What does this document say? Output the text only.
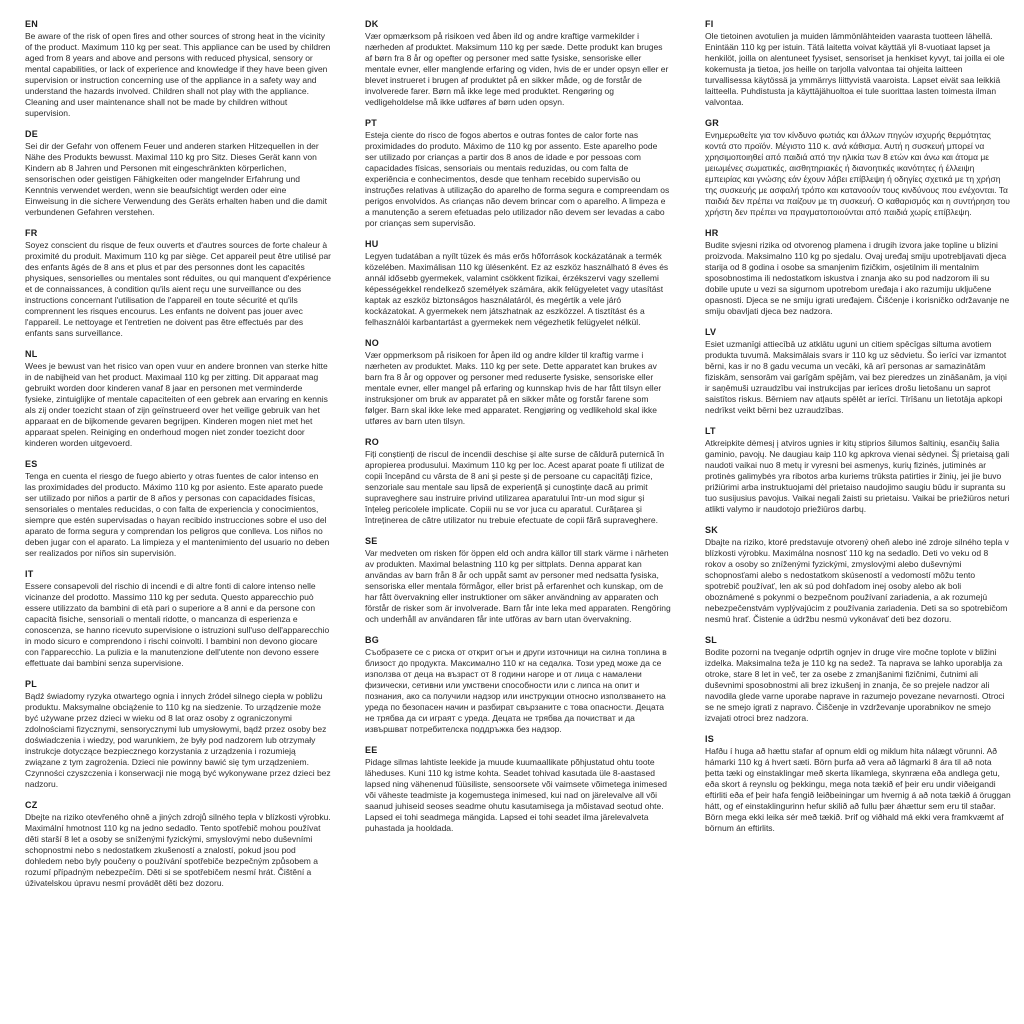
EN

Be aware of the risk of open fires and other sources of strong heat in the vicinity of the product. Maximum 110 kg per seat. This appliance can be used by children aged from 8 years and above and persons with reduced physical, sensory or mental capabilities, or lack of experience and knowledge if they have been given supervision or instruction concerning use of the appliance in a safety way and understand the hazards involved. Children shall not play with the appliance. Cleaning and user maintenance shall not be made by children without supervision.

DE

Sei dir der Gefahr von offenem Feuer und anderen starken Hitzequellen in der Nähe des Produkts bewusst. Maximal 110 kg pro Sitz. Dieses Gerät kann von Kindern ab 8 Jahren und Personen mit eingeschränkten körperlichen, sensorischen oder geistigen Fähigkeiten oder mangelnder Erfahrung und Kenntnis verwendet werden, wenn sie beaufsichtigt werden oder eine Einweisung in die sichere Verwendung des Geräts erhalten haben und die damit verbundenen Gefahren verstehen.

FR

Soyez conscient du risque de feux ouverts et d'autres sources de forte chaleur à proximité du produit. Maximum 110 kg par siège. Cet appareil peut être utilisé par des enfants âgés de 8 ans et plus et par des personnes dont les capacités physiques, sensorielles ou mentales sont réduites, ou qui manquent d'expérience et de connaissances, à condition qu'ils aient reçu une surveillance ou des instructions concernant l'utilisation de l'appareil en toute sécurité et qu'ils comprennent les risques encourus. Les enfants ne doivent pas jouer avec l'appareil. Le nettoyage et l'entretien ne doivent pas être effectués par des enfants sans surveillance.

NL

Wees je bewust van het risico van open vuur en andere bronnen van sterke hitte in de nabijheid van het product. Maximaal 110 kg per zitting. Dit apparaat mag gebruikt worden door kinderen vanaf 8 jaar en personen met verminderde fysieke, zintuiglijke of mentale capaciteiten of een gebrek aan ervaring en kennis als zij onder toezicht staan of zijn geïnstrueerd over het veilige gebruik van het apparaat en de bijkomende gevaren begrijpen. Kinderen mogen niet met het apparaat spelen. Reiniging en onderhoud mogen niet zonder toezicht door kinderen worden uitgevoerd.

ES

Tenga en cuenta el riesgo de fuego abierto y otras fuentes de calor intenso en las proximidades del producto. Máximo 110 kg por asiento. Este aparato puede ser utilizado por niños a partir de 8 años y personas con capacidades físicas, sensoriales o mentales reducidas, o con falta de experiencia y conocimientos, siempre que estén supervisadas o hayan recibido instrucciones sobre el uso del aparato de forma segura y comprendan los peligros que conlleva. Los niños no deben jugar con el aparato. La limpieza y el mantenimiento del usuario no deben ser realizados por niños sin supervisión.

IT

Essere consapevoli del rischio di incendi e di altre fonti di calore intenso nelle vicinanze del prodotto. Massimo 110 kg per seduta. Questo apparecchio può essere utilizzato da bambini di età pari o superiore a 8 anni e da persone con capacità fisiche, sensoriali o mentali ridotte, o mancanza di esperienza e conoscenza, se hanno ricevuto supervisione o istruzioni sull'uso dell'apparecchio in modo sicuro e comprendono i rischi coinvolti. I bambini non devono giocare con l'apparecchio. La pulizia e la manutenzione dell'utente non devono essere effettuate dai bambini senza supervisione.

PL

Bądź świadomy ryzyka otwartego ognia i innych źródeł silnego ciepła w pobliżu produktu. Maksymalne obciążenie to 110 kg na siedzenie. To urządzenie może być używane przez dzieci w wieku od 8 lat oraz osoby z ograniczonymi zdolnościami fizycznymi, sensorycznymi lub umysłowymi, bądź przez osoby bez doświadczenia i wiedzy, pod warunkiem, że były pod nadzorem lub otrzymały instrukcje dotyczące bezpiecznego korzystania z urządzenia i rozumieją związane z tym zagrożenia. Dzieci nie powinny bawić się tym urządzeniem. Czynności czyszczenia i konserwacji nie mogą być wykonywane przez dzieci bez nadzoru.

CZ

Dbejte na riziko otevřeného ohně a jiných zdrojů silného tepla v blízkosti výrobku. Maximální hmotnost 110 kg na jedno sedadlo. Tento spotřebič mohou používat děti starší 8 let a osoby se sníženými fyzickými, smyslovými nebo duševními schopnostmi nebo s nedostatkem zkušeností a znalostí, pokud jsou pod dohledem nebo byly poučeny o používání spotřebiče bezpečným způsobem a rozumí případným nebezpečím. Děti si se spotřebičem nesmí hrát. Čištění a úživatelskou úpravu nesmí provádět děti bez dozoru.

DK

Vær opmærksom på risikoen ved åben ild og andre kraftige varmekilder i nærheden af produktet. Maksimum 110 kg per sæde. Dette produkt kan bruges af børn fra 8 år og opefter og personer med satte fysiske, sensoriske eller mentale evner, eller manglende erfaring og viden, hvis de er under opsyn eller er blevet instrueret i brugen af produktet på en sikker måde, og de forstår de involverede farer. Børn må ikke lege med produktet. Rengøring og vedligeholdelse må ikke udføres af børn uden opsyn.

PT

Esteja ciente do risco de fogos abertos e outras fontes de calor forte nas proximidades do produto. Máximo de 110 kg por assento. Este aparelho pode ser utilizado por crianças a partir dos 8 anos de idade e por pessoas com capacidades físicas, sensoriais ou mentais reduzidas, ou com falta de experiência e conhecimentos, desde que tenham recebido supervisão ou instruções relativas à utilização do aparelho de forma segura e compreendam os perigos envolvidos. As crianças não devem brincar com o aparelho. A limpeza e a manutenção a serem efetuadas pelo utilizador não devem ser levadas a cabo por crianças sem supervisão.

HU

Legyen tudatában a nyílt tüzek és más erős hőforrások kockázatának a termék közelében. Maximálisan 110 kg ülésenként. Ez az eszköz használható 8 éves és annál idősebb gyermekek, valamint csökkent fizikai, érzékszervi vagy szellemi képességekkel rendelkező személyek számára, akik felügyeletet vagy utasítást kaptak az eszköz biztonságos használatáról, és megértik a vele járó kockázatokat. A gyermekek nem játszhatnak az eszközzel. A tisztítást és a felhasználói karbantartást a gyermekek nem végezhetik felügyelet nélkül.

NO

Vær oppmerksom på risikoen for åpen ild og andre kilder til kraftig varme i nærheten av produktet. Maks. 110 kg per sete. Dette apparatet kan brukes av barn fra 8 år og oppover og personer med reduserte fysiske, sensoriske eller mentale evner, eller mangel på erfaring og kunnskap hvis de har fått tilsyn eller instruksjoner om bruk av apparatet på en sikker måte og forstår farene som følger. Barn skal ikke leke med apparatet. Rengjøring og vedlikehold skal ikke utføres av barn uten tilsyn.

RO

Fiți conștienți de riscul de incendii deschise și alte surse de căldură puternică în apropierea produsului. Maximum 110 kg per loc. Acest aparat poate fi utilizat de copii începând cu vârsta de 8 ani și peste și de persoane cu capacități fizice, senzoriale sau mentale sau lipsă de experiență și cunoștințe dacă au primit supraveghere sau instruire privind utilizarea aparatului într-un mod sigur și înțeleg pericolele implicate. Copiii nu se vor juca cu aparatul. Curățarea și întreținerea de către utilizator nu trebuie efectuate de copii fără supraveghere.

SE

Var medveten om risken för öppen eld och andra källor till stark värme i närheten av produkten. Maximal belastning 110 kg per sittplats. Denna apparat kan användas av barn från 8 år och uppåt samt av personer med nedsatta fysiska, sensoriska eller mentala förmågor, eller brist på erfarenhet och kunskap, om de har fått övervakning eller instruktioner om säker användning av apparaten och förstår de risker som är involverade. Barn får inte leka med apparaten. Rengöring och underhåll av användaren får inte utföras av barn utan övervakning.

BG

Съобразете се с риска от открит огън и други източници на силна топлина в близост до продукта. Максимално 110 кг на седалка. Този уред може да се използва от деца на възраст от 8 години нагоре и от лица с намалени физически, сетивни или умствени способности или с липса на опит и познания, ако са получили надзор или инструкции относно използването на уреда по безопасен начин и разбират свързаните с това опасности. Децата не трябва да си играят с уреда. Децата не трябва да почистват и да извършват потребителска поддръжка без надзор.

EE

Pidage silmas lahtiste leekide ja muude kuumaallikate põhjustatud ohtu toote läheduses. Kuni 110 kg istme kohta. Seadet tohivad kasutada üle 8-aastased lapsed ning vähenenud füüsiliste, sensoorsete või vaimsete võimetega inimesed või väheste teadmiste ja kogemustega inimesed, kui nad on järelevalve all või saanud juhiseid seoses seadme ohutu kasutamisega ja mõistavad seotud ohte. Lapsed ei tohi seadmega mängida. Lapsed ei tohi seadet ilma järelevalveta puhastada ja hooldada.

FI

Ole tietoinen avotulien ja muiden lämmönlähteiden vaarasta tuotteen lähellä. Enintään 110 kg per istuin. Tätä laitetta voivat käyttää yli 8-vuotiaat lapset ja henkilöt, joilla on alentuneet fyysiset, sensoriset ja henkiset kyvyt, tai joilla ei ole kokemusta ja tietoa, jos heille on tarjolla valvontaa tai ohjeita laitteen turvallisessa käytössä ja ymmärrys liittyvistä vaaroista. Lapset eivät saa leikkiä laitteella. Puhdistusta ja käyttäjähuoltoa ei tule suorittaa lasten toimesta ilman valvontaa.

GR

Ενημερωθείτε για τον κίνδυνο φωτιάς και άλλων πηγών ισχυρής θερμότητας κοντά στο προϊόν. Μέγιστο 110 κ. ανά κάθισμα. Αυτή η συσκευή μπορεί να χρησιμοποιηθεί από παιδιά από την ηλικία των 8 ετών και άνω και άτομα με μειωμένες σωματικές, αισθητηριακές ή διανοητικές ικανότητες ή έλλειψη εμπειρίας και γνώσης εάν έχουν λάβει επίβλεψη ή οδηγίες σχετικά με τη χρήση της συσκευής με ασφαλή τρόπο και κατανοούν τους κινδύνους που ενέχονται. Τα παιδιά δεν πρέπει να παίζουν με τη συσκευή. Ο καθαρισμός και η συντήρηση του χρήστη δεν πρέπει να πραγματοποιούνται από παιδιά χωρίς επίβλεψη.

HR

Budite svjesni rizika od otvorenog plamena i drugih izvora jake topline u blizini proizvoda. Maksimalno 110 kg po sjedalu. Ovaj uređaj smiju upotrebljavati djeca starija od 8 godina i osobe sa smanjenim fizičkim, osjetilnim ili mentalnim sposobnostima ili nedostatkom iskustva i znanja ako su pod nadzorom ili su dobile upute u vezi sa sigurnom upotrebom uređaja i ako razumiju uključene opasnosti. Djeca se ne smiju igrati uređajem. Čišćenje i korisničko održavanje ne smiju obavljati djeca bez nadzora.

LV

Esiet uzmanīgi attiecībā uz atklātu uguni un citiem spēcīgas siltuma avotiem produkta tuvumā. Maksimālais svars ir 110 kg uz sēdvietu. Šo ierīci var izmantot bērni, kas ir no 8 gadu vecuma un vecāki, kā arī personas ar samazinātām fiziskām, sensorām vai garīgām spējām, vai bez pieredzes un zināšanām, ja viņi ir saņēmuši uzraudzību vai instrukcijas par ierīces drošu lietošanu un saprot saistītos riskus. Bērniem nav atļauts spēlēt ar ierīci. Tīrīšanu un lietotāja apkopi nedrīkst veikt bērni bez uzraudzības.

LT

Atkreipkite dėmesį į atviros ugnies ir kitų stiprios šilumos šaltinių, esančių šalia gaminio, pavojų. Ne daugiau kaip 110 kg apkrova vienai sėdynei. Šį prietaisą gali naudoti vaikai nuo 8 metų ir vyresni bei asmenys, kurių fizinės, jutiminės ar protinės galimybės yra ribotos arba kuriems trūksta patirties ir žinių, jei jie buvo prižiūrimi arba instruktuojami dėl prietaiso naudojimo saugiu būdu ir supranta su tuo susijusius pavojus. Vaikai negali žaisti su prietaisu. Vaikai be priežiūros neturi atlikti valymo ir naudotojo priežiūros darbų.

SK

Dbajte na riziko, ktoré predstavuje otvorený oheň alebo iné zdroje silného tepla v blízkosti výrobku. Maximálna nosnosť 110 kg na sedadlo. Deti vo veku od 8 rokov a osoby so zníženými fyzickými, zmyslovými alebo duševnými schopnosťami alebo s nedostatkom skúseností a vedomostí môžu tento spotrebič používať, len ak sú pod dohľadom inej osoby alebo ak boli oboznámené s pokynmi o bezpečnom používaní zariadenia, a ak rozumejú nebezpečenstvám vyplývajúcim z používania zariadenia. Deti sa so spotrebičom nesmú hrať. Čistenie a údržbu nesmú vykonávať deti bez dozoru.

SL

Bodite pozorni na tveganje odprtih ognjev in druge vire močne toplote v bližini izdelka. Maksimalna teža je 110 kg na sedež. Ta naprava se lahko uporablja za otroke, stare 8 let in več, ter za osebe z zmanjšanimi fizičnimi, čutnimi ali duševnimi sposobnostmi ali brez izkušenj in znanja, če so prejele nadzor ali navodila glede varne uporabe naprave in razumejo povezane nevarnosti. Otroci se ne smejo igrati z napravo. Čiščenje in vzdrževanje uporabnikov ne smejo izvajati otroci brez nadzora.

IS

Hafðu í huga að hættu stafar af opnum eldi og miklum hita nálægt vörunni. Að hámarki 110 kg á hvert sæti. Börn þurfa að vera að lágmarki 8 ára til að nota þetta tæki og einstaklingar með skerta líkamlega, skynræna eða andlega getu, eða skort á reynslu og þekkingu, mega nota tækið ef þeir eru undir viðeigandi eftirliti eða ef þeir hafa fengið leiðbeiningar um hvernig á að nota tækið á öruggan hátt, og ef einstaklingurinn hefur skilið að fullu þær áhættur sem eru til staðar. Börn mega ekki leika sér með tækið. Þrif og viðhald má ekki vera framkvæmt af börnum án eftirlits.
